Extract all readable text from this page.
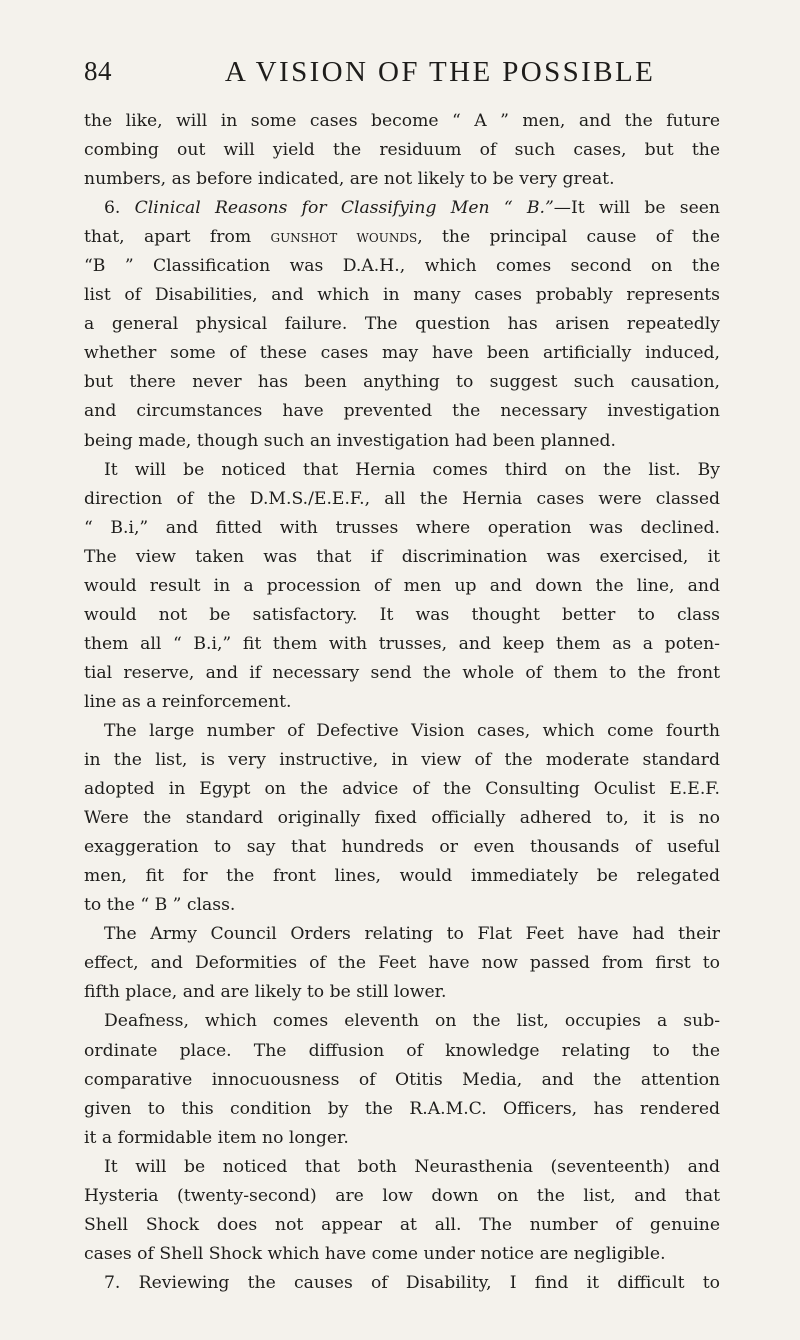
84	A VISION OF THE POSSIBLE
the like, will in some cases become “ A ” men, and the future
combing out will yield the residuum of such cases, but the
numbers, as before indicated, are not likely to be very great.
6. Clinical Reasons for Classifying Men “ B.”—It will be seen
that, apart from gunshot wounds, the principal cause of the
“B ” Classification was D.A.H., which comes second on the
list of Disabilities, and which in many cases probably represents
a general physical failure. The question has arisen repeatedly
whether some of these cases may have been artificially induced,
but there never has been anything to suggest such causation,
and circumstances have prevented the necessary investigation
being made, though such an investigation had been planned.
It will be noticed that Hernia comes third on the list. By
direction of the D.M.S./E.E.F., all the Hernia cases were classed
“ B.i,” and fitted with trusses where operation was declined.
The view taken was that if discrimination was exercised, it
would result in a procession of men up and down the line, and
would not be satisfactory. It was thought better to class
them all “ B.i,” fit them with trusses, and keep them as a poten-
tial reserve, and if necessary send the whole of them to the front
line as a reinforcement.
The large number of Defective Vision cases, which come fourth
in the list, is very instructive, in view of the moderate standard
adopted in Egypt on the advice of the Consulting Oculist E.E.F.
Were the standard originally fixed officially adhered to, it is no
exaggeration to say that hundreds or even thousands of useful
men, fit for the front lines, would immediately be relegated
to the “ B ” class.
The Army Council Orders relating to Flat Feet have had their
effect, and Deformities of the Feet have now passed from first to
fifth place, and are likely to be still lower.
Deafness, which comes eleventh on the list, occupies a sub-
ordinate place. The diffusion of knowledge relating to the
comparative innocuousness of Otitis Media, and the attention
given to this condition by the R.A.M.C. Officers, has rendered
it a formidable item no longer.
It will be noticed that both Neurasthenia (seventeenth) and
Hysteria (twenty-second) are low down on the list, and that
Shell Shock does not appear at all. The number of genuine
cases of Shell Shock which have come under notice are negligible.
7. Reviewing the causes of Disability, I find it difficult to
